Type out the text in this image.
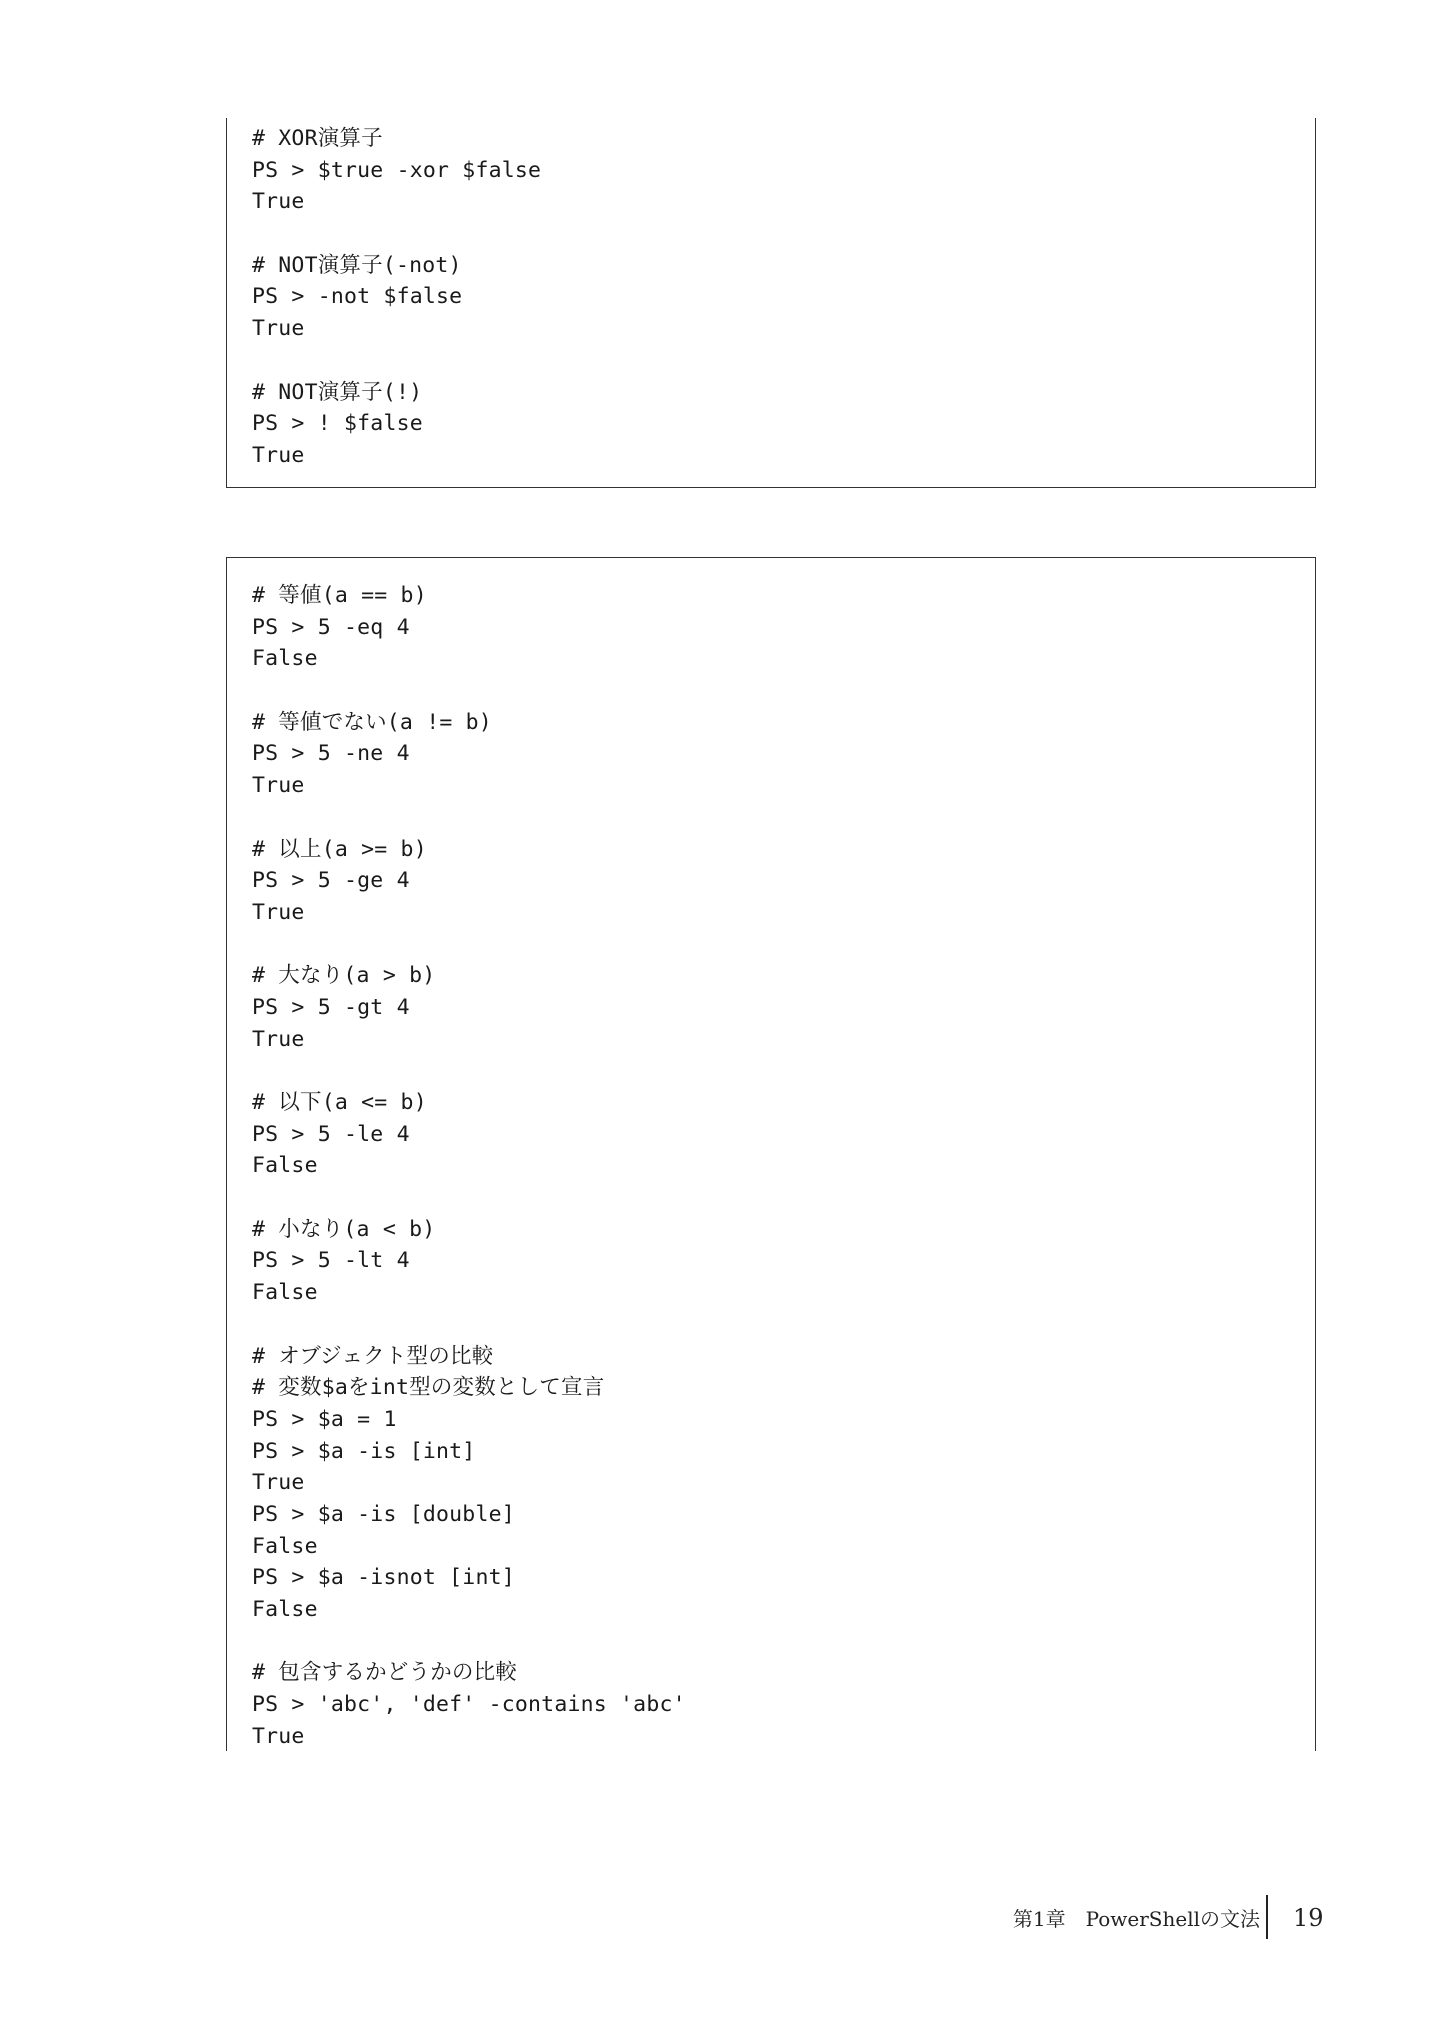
# XOR演算子
PS > $true -xor $false
True
# NOT演算子(-not)
PS > -not $false
True
# NOT演算子(!)
PS > ! $false
True
# 等値(a == b)
PS > 5 -eq 4
False
# 等値でない(a != b)
PS > 5 -ne 4
True
# 以上(a >= b)
PS > 5 -ge 4
True
# 大なり(a > b)
PS > 5 -gt 4
True
# 以下(a <= b)
PS > 5 -le 4
False
# 小なり(a < b)
PS > 5 -lt 4
False
# オブジェクト型の比較
# 変数$aをint型の変数として宣言
PS > $a = 1
PS > $a -is [int]
True
PS > $a -is [double]
False
PS > $a -isnot [int]
False
# 包含するかどうかの比較
PS > 'abc', 'def' -contains 'abc'
True
第1章　PowerShellの文法 19
